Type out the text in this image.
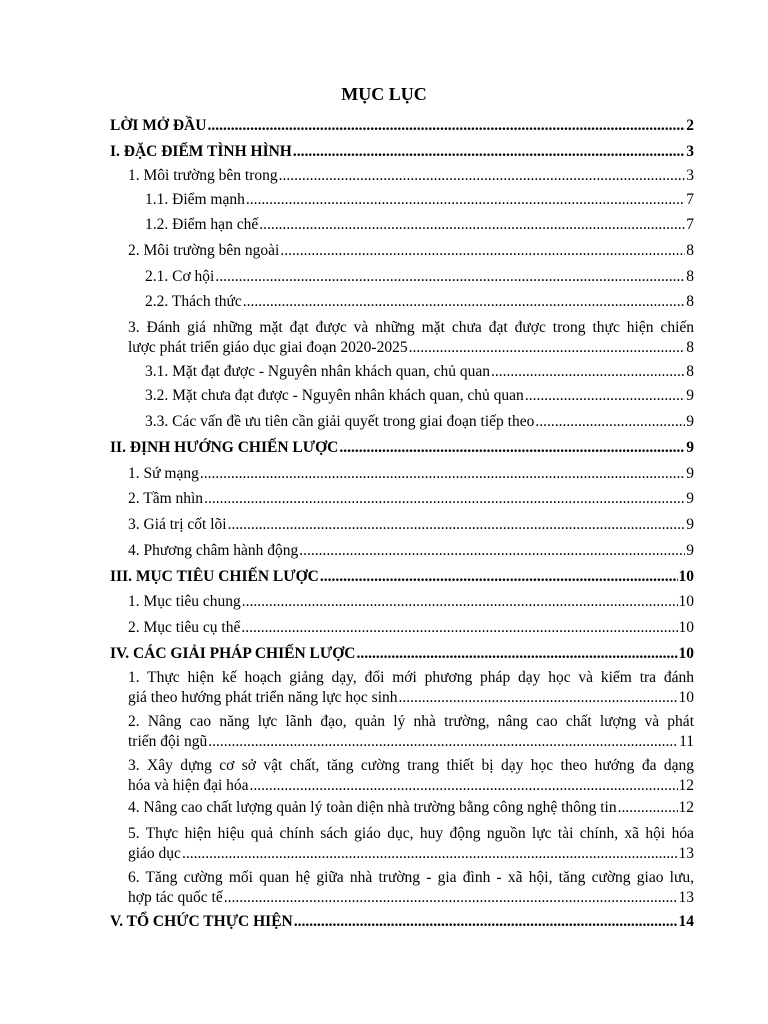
MỤC LỤC
LỜI MỞ ĐẦU .....	2
I. ĐẶC ĐIỂM TÌNH HÌNH .....	3
1. Môi trường bên trong .....	3
1.1. Điểm mạnh .....	7
1.2. Điểm hạn chế .....	7
2. Môi trường bên ngoài .....	8
2.1. Cơ hội .....	8
2.2. Thách thức .....	8
3. Đánh giá những mặt đạt được và những mặt chưa đạt được trong thực hiện chiến
lược phát triển giáo dục giai đoạn 2020-2025 .....	8
3.1. Mặt đạt được - Nguyên nhân khách quan, chủ quan .....	8
3.2. Mặt chưa đạt được - Nguyên nhân khách quan, chủ quan .....	9
3.3. Các vấn đề ưu tiên cần giải quyết trong giai đoạn tiếp theo .....	9
II. ĐỊNH HƯỚNG CHIẾN LƯỢC .....	9
1. Sứ mạng .....	9
2. Tầm nhìn .....	9
3. Giá trị cốt lõi .....	9
4. Phương châm hành động .....	9
III. MỤC TIÊU CHIẾN LƯỢC .....	10
1. Mục tiêu chung .....	10
2. Mục tiêu cụ thể .....	10
IV. CÁC GIẢI PHÁP CHIẾN LƯỢC .....	10
1. Thực hiện kế hoạch giảng dạy, đổi mới phương pháp dạy học và kiểm tra đánh
giá theo hướng phát triển năng lực học sinh .....	10
2. Nâng cao năng lực lãnh đạo, quản lý nhà trường, nâng cao chất lượng và phát
triển đội ngũ .....	11
3. Xây dựng cơ sở vật chất, tăng cường trang thiết bị dạy học theo hướng đa dạng
hóa và hiện đại hóa .....	12
4. Nâng cao chất lượng quản lý toàn diện nhà trường bằng công nghệ thông tin .....	12
5. Thực hiện hiệu quả chính sách giáo dục, huy động nguồn lực tài chính, xã hội hóa
giáo dục .....	13
6. Tăng cường mối quan hệ giữa nhà trường - gia đình - xã hội, tăng cường giao lưu,
hợp tác quốc tế .....	13
V. TỔ CHỨC THỰC HIỆN .....	14
